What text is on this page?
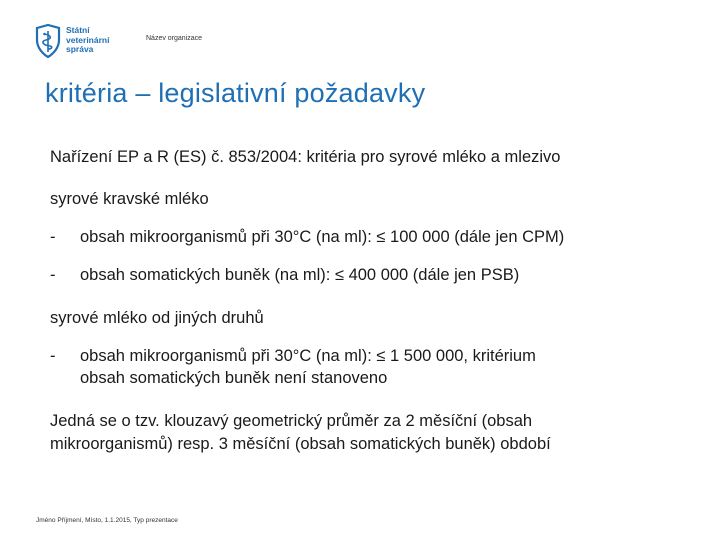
Státní
veterinární
správa
Název organizace
kritéria – legislativní požadavky
Nařízení EP a R (ES) č. 853/2004: kritéria pro syrové mléko a mlezivo
syrové kravské mléko
- obsah mikroorganismů při 30°C (na ml): ≤ 100 000 (dále jen CPM)
- obsah somatických buněk (na ml): ≤ 400 000 (dále jen PSB)
syrové mléko od jiných druhů
- obsah mikroorganismů při 30°C (na ml): ≤ 1 500 000, kritérium
obsah somatických buněk není stanoveno
Jedná se o tzv. klouzavý geometrický průměr za 2 měsíční (obsah
mikroorganismů) resp. 3 měsíční (obsah somatických buněk) období
Jméno Příjmení, Místo, 1.1.2015, Typ prezentace
